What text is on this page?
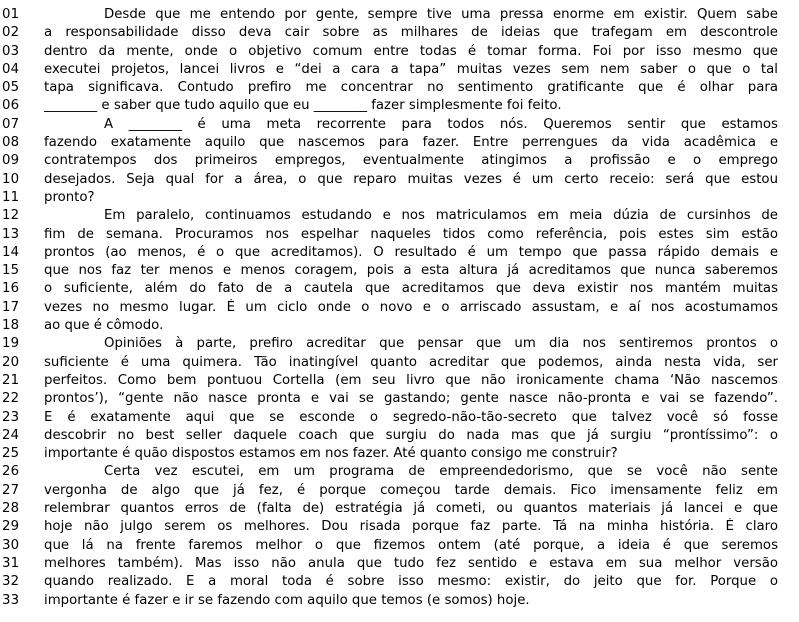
01	Desde que me entendo por gente, sempre tive uma pressa enorme em existir. Quem sabe
02	a responsabilidade disso deva cair sobre as milhares de ideias que trafegam em descontrole
03	dentro da mente, onde o objetivo comum entre todas é tomar forma. Foi por isso mesmo que
04	executei projetos, lancei livros e “dei a cara a tapa” muitas vezes sem nem saber o que o tal
05	tapa significava. Contudo prefiro me concentrar no sentimento gratificante que é olhar para
06	________ e saber que tudo aquilo que eu ________ fazer simplesmente foi feito.
07	A ________ é uma meta recorrente para todos nós. Queremos sentir que estamos
08	fazendo exatamente aquilo que nascemos para fazer. Entre perrengues da vida acadêmica e
09	contratempos dos primeiros empregos, eventualmente atingimos a profissão e o emprego
10	desejados. Seja qual for a área, o que reparo muitas vezes é um certo receio: será que estou
11	pronto?
12	Em paralelo, continuamos estudando e nos matriculamos em meia dúzia de cursinhos de
13	fim de semana. Procuramos nos espelhar naqueles tidos como referência, pois estes sim estão
14	prontos (ao menos, é o que acreditamos). O resultado é um tempo que passa rápido demais e
15	que nos faz ter menos e menos coragem, pois a esta altura já acreditamos que nunca saberemos
16	o suficiente, além do fato de a cautela que acreditamos que deva existir nos mantém muitas
17	vezes no mesmo lugar. É um ciclo onde o novo e o arriscado assustam, e aí nos acostumamos
18	ao que é cômodo.
19	Opiniões à parte, prefiro acreditar que pensar que um dia nos sentiremos prontos o
20	suficiente é uma quimera. Tão inatingível quanto acreditar que podemos, ainda nesta vida, ser
21	perfeitos. Como bem pontuou Cortella (em seu livro que não ironicamente chama ‘Não nascemos
22	prontos’), “gente não nasce pronta e vai se gastando; gente nasce não-pronta e vai se fazendo”.
23	E é exatamente aqui que se esconde o segredo-não-tão-secreto que talvez você só fosse
24	descobrir no best seller daquele coach que surgiu do nada mas que já surgiu “prontíssimo”: o
25	importante é quão dispostos estamos em nos fazer. Até quanto consigo me construir?
26	Certa vez escutei, em um programa de empreendedorismo, que se você não sente
27	vergonha de algo que já fez, é porque começou tarde demais. Fico imensamente feliz em
28	relembrar quantos erros de (falta de) estratégia já cometi, ou quantos materiais já lancei e que
29	hoje não julgo serem os melhores. Dou risada porque faz parte. Tá na minha história. É claro
30	que lá na frente faremos melhor o que fizemos ontem (até porque, a ideia é que seremos
31	melhores também). Mas isso não anula que tudo fez sentido e estava em sua melhor versão
32	quando realizado. E a moral toda é sobre isso mesmo: existir, do jeito que for. Porque o
33	importante é fazer e ir se fazendo com aquilo que temos (e somos) hoje.
